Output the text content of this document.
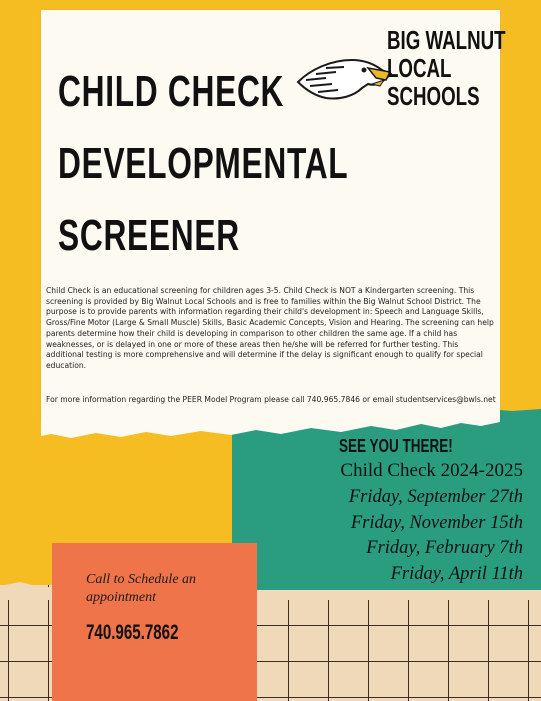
CHILD CHECK
DEVELOPMENTAL
SCREENER
BIG WALNUT
LOCAL
SCHOOLS

Child Check is an educational screening for children ages 3-5. Child Check is NOT a Kindergarten screening. This screening is provided by Big Walnut Local Schools and is free to families within the Big Walnut School District. The purpose is to provide parents with information regarding their child's development in: Speech and Language Skills, Gross/Fine Motor (Large & Small Muscle) Skills, Basic Academic Concepts, Vision and Hearing. The screening can help parents determine how their child is developing in comparison to other children the same age. If a child has weaknesses, or is delayed in one or more of these areas then he/she will be referred for further testing. This additional testing is more comprehensive and will determine if the delay is significant enough to qualify for special education.

For more information regarding the PEER Model Program please call 740.965.7846 or email studentservices@bwls.net

SEE YOU THERE!
Child Check 2024-2025
Friday, September 27th
Friday, November 15th
Friday, February 7th
Friday, April 11th
Call to Schedule an appointment
740.965.7862
